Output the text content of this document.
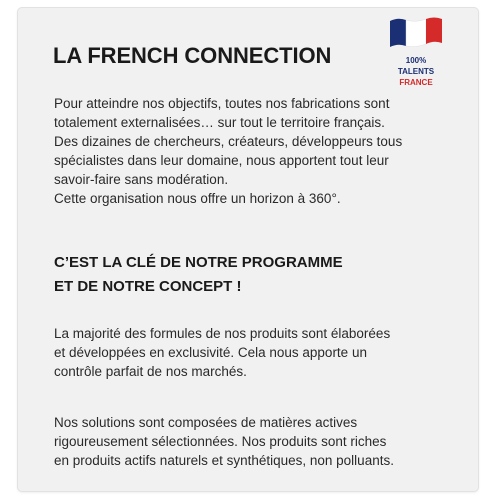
LA FRENCH CONNECTION	100%
TALENTS
FRANCE
Pour atteindre nos objectifs, toutes nos fabrications sont
totalement externalisées… sur tout le territoire français.
Des dizaines de chercheurs, créateurs, développeurs tous
spécialistes dans leur domaine, nous apportent tout leur
savoir-faire sans modération.
Cette organisation nous offre un horizon à 360°.
C’EST LA CLÉ DE NOTRE PROGRAMME
ET DE NOTRE CONCEPT !
La majorité des formules de nos produits sont élaborées
et développées en exclusivité. Cela nous apporte un
contrôle parfait de nos marchés.
Nos solutions sont composées de matières actives
rigoureusement sélectionnées. Nos produits sont riches
en produits actifs naturels et synthétiques, non polluants.
